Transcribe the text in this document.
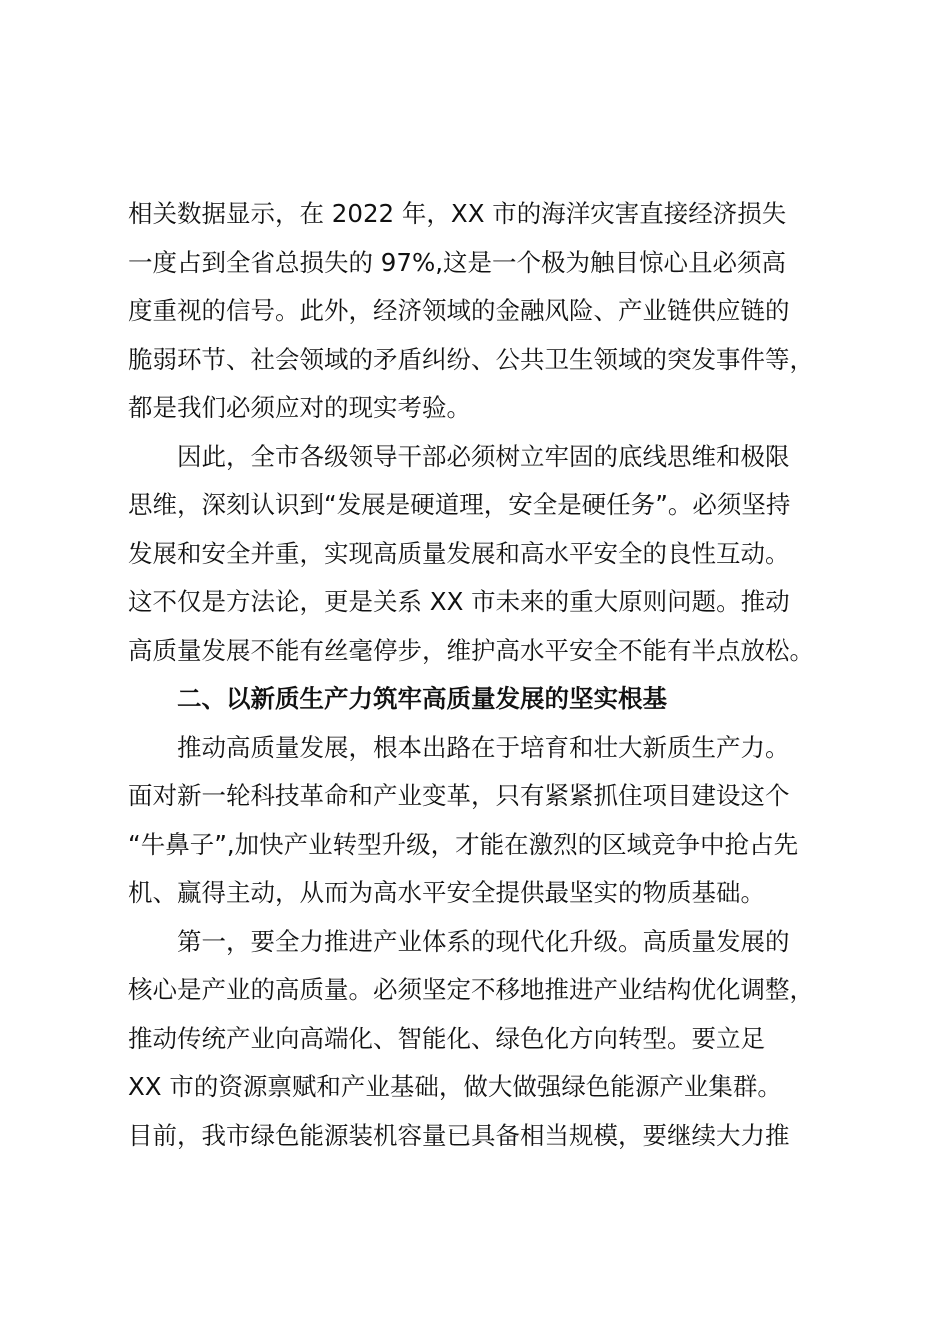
相关数据显示，在 2022 年，XX 市的海洋灾害直接经济损失
一度占到全省总损失的 97%,这是一个极为触目惊心且必须高
度重视的信号。此外，经济领域的金融风险、产业链供应链的
脆弱环节、社会领域的矛盾纠纷、公共卫生领域的突发事件等，
都是我们必须应对的现实考验。
　　因此，全市各级领导干部必须树立牢固的底线思维和极限
思维，深刻认识到“发展是硬道理，安全是硬任务”。必须坚持
发展和安全并重，实现高质量发展和高水平安全的良性互动。
这不仅是方法论，更是关系 XX 市未来的重大原则问题。推动
高质量发展不能有丝毫停步，维护高水平安全不能有半点放松。
　　二、以新质生产力筑牢高质量发展的坚实根基
　　推动高质量发展，根本出路在于培育和壮大新质生产力。
面对新一轮科技革命和产业变革，只有紧紧抓住项目建设这个
“牛鼻子”,加快产业转型升级，才能在激烈的区域竞争中抢占先
机、赢得主动，从而为高水平安全提供最坚实的物质基础。
　　第一，要全力推进产业体系的现代化升级。高质量发展的
核心是产业的高质量。必须坚定不移地推进产业结构优化调整，
推动传统产业向高端化、智能化、绿色化方向转型。要立足
XX 市的资源禀赋和产业基础，做大做强绿色能源产业集群。
目前，我市绿色能源装机容量已具备相当规模，要继续大力推
